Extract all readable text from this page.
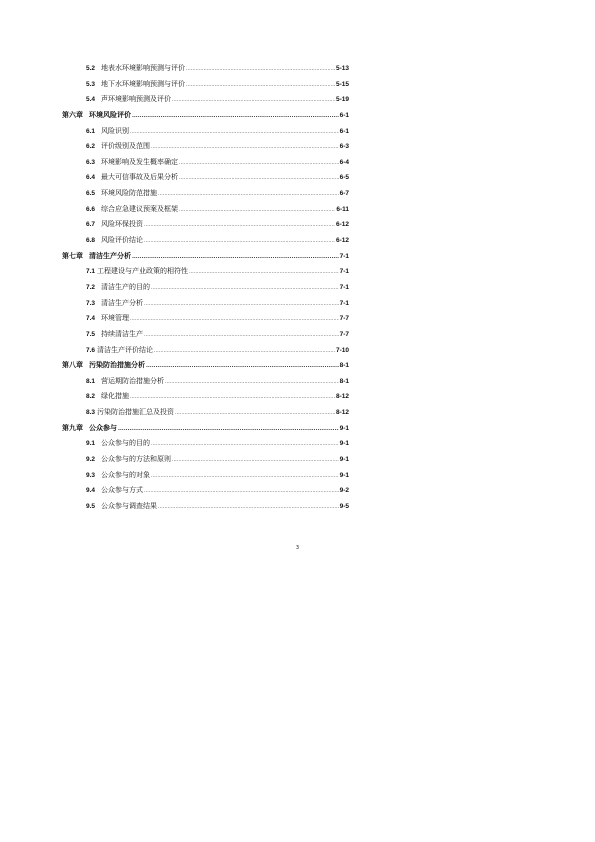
5.2 地表水环境影响预测与评价 .....	5-13
5.3 地下水环境影响预测与评价 .....	5-15
5.4 声环境影响预测及评价 .....	5-19
第六章 环境风险评价 .....	6-1
6.1 风险识别 .....	6-1
6.2 评价级别及范围 .....	6-3
6.3 环境影响及发生概率确定 .....	6-4
6.4 最大可信事故及后果分析 .....	6-5
6.5 环境风险防范措施 .....	6-7
6.6 综合应急建议预案及框架 .....	6-11
6.7 风险环保投资 .....	6-12
6.8 风险评价结论 .....	6-12
第七章 清洁生产分析 .....	7-1
7.1 工程建设与产业政策的相符性 .....	7-1
7.2 清洁生产的目的 .....	7-1
7.3 清洁生产分析 .....	7-1
7.4 环境管理 .....	7-7
7.5 持续清洁生产 .....	7-7
7.6 清洁生产评价结论 .....	7-10
第八章 污染防治措施分析 .....	8-1
8.1 营运期防治措施分析 .....	8-1
8.2 绿化措施 .....	8-12
8.3 污染防治措施汇总及投资 .....	8-12
第九章 公众参与 .....	9-1
9.1 公众参与的目的 .....	9-1
9.2 公众参与的方法和原则 .....	9-1
9.3 公众参与的对象 .....	9-1
9.4 公众参与方式 .....	9-2
9.5 公众参与调查结果 .....	9-5
3
